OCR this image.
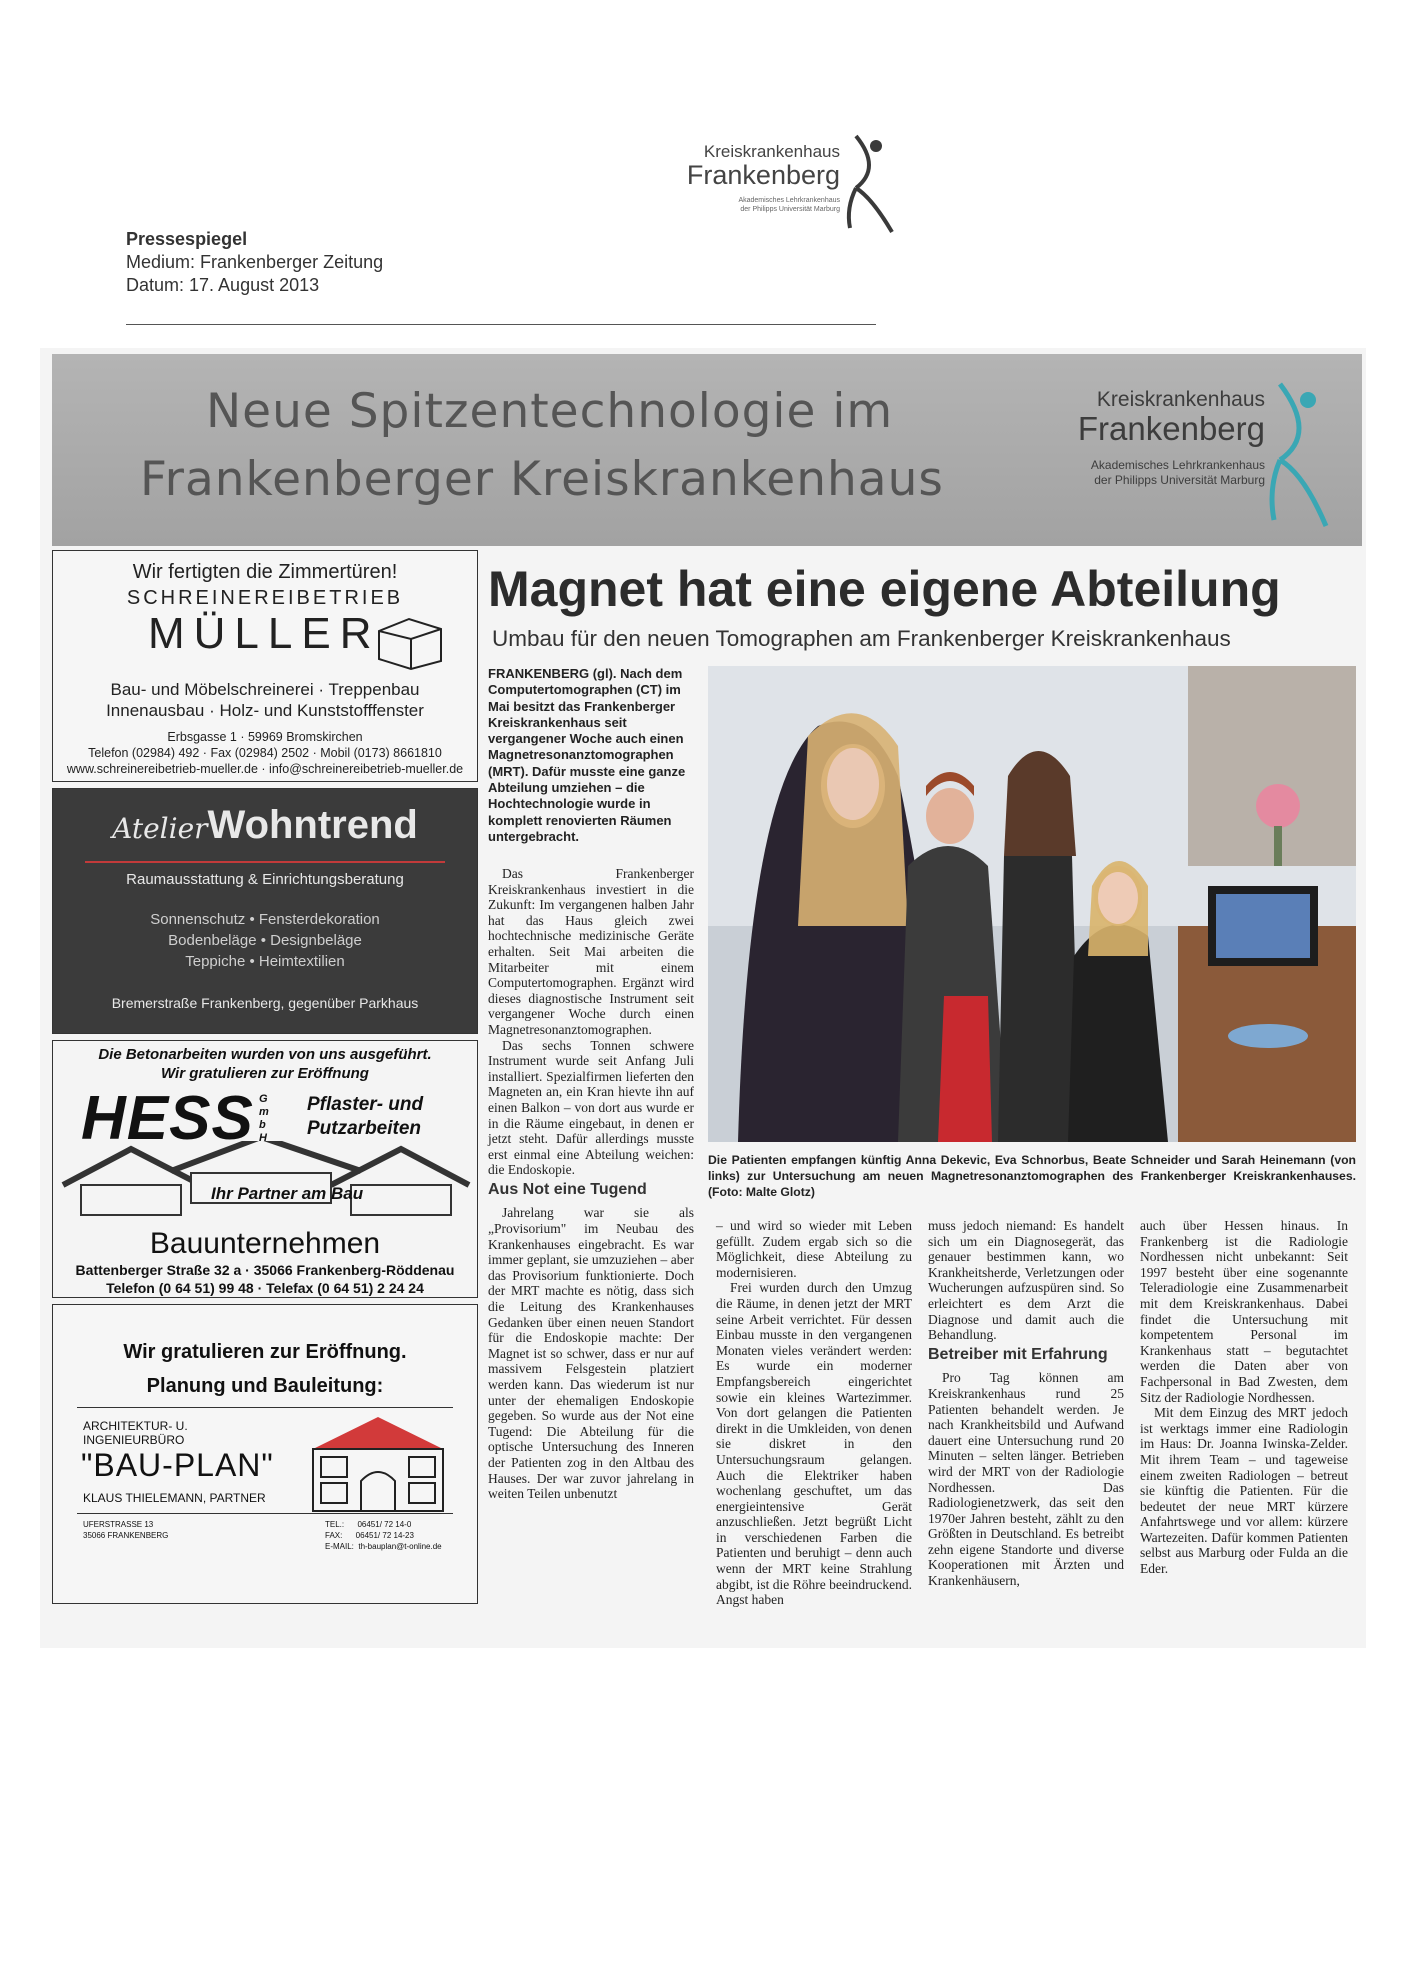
Kreiskrankenhaus
Frankenberg
Akademisches Lehrkrankenhaus
der Philipps Universität Marburg
Pressespiegel
Medium: Frankenberger Zeitung
Datum: 17. August 2013
Neue Spitzentechnologie im
Frankenberger Kreiskrankenhaus
Kreiskrankenhaus
Frankenberg
Akademisches Lehrkrankenhaus
der Philipps Universität Marburg
Wir fertigten die Zimmertüren!
SCHREINEREIBETRIEB
MÜLLER
Bau- und Möbelschreinerei · Treppenbau
Innenausbau · Holz- und Kunststofffenster
Erbsgasse 1 · 59969 Bromskirchen
Telefon (02984) 492 · Fax (02984) 2502 · Mobil (0173) 8661810
www.schreinereibetrieb-mueller.de · info@schreinereibetrieb-mueller.de
AtelierWohntrend
Raumausstattung & Einrichtungsberatung
Sonnenschutz • Fensterdekoration
Bodenbeläge • Designbeläge
Teppiche • Heimtextilien
Bremerstraße Frankenberg, gegenüber Parkhaus
Die Betonarbeiten wurden von uns ausgeführt.
Wir gratulieren zur Eröffnung
HESS GmbH
Pflaster- und
Putzarbeiten
Ihr Partner am Bau
Bauunternehmen
Battenberger Straße 32 a · 35066 Frankenberg-Röddenau
Telefon (0 64 51) 99 48 · Telefax (0 64 51) 2 24 24
Wir gratulieren zur Eröffnung.
Planung und Bauleitung:
ARCHITEKTUR- U.
INGENIEURBÜRO
"BAU-PLAN"
KLAUS THIELEMANN, PARTNER
UFERSTRASSE 13
35066 FRANKENBERG
TEL.:      06451/ 72 14-0
FAX:      06451/ 72 14-23
E-MAIL:  th-bauplan@t-online.de
Magnet hat eine eigene Abteilung
Umbau für den neuen Tomographen am Frankenberger Kreiskrankenhaus
FRANKENBERG (gl). Nach dem Computertomographen (CT) im Mai besitzt das Frankenberger Kreiskrankenhaus seit vergangener Woche auch einen Magnetresonanztomographen (MRT). Dafür musste eine ganze Abteilung umziehen – die Hochtechnologie wurde in komplett renovierten Räumen untergebracht.
Die Patienten empfangen künftig Anna Dekevic, Eva Schnorbus, Beate Schneider und Sarah Heinemann (von links) zur Untersuchung am neuen Magnetresonanztomographen des Frankenberger Kreiskrankenhauses. (Foto: Malte Glotz)

Das Frankenberger Kreiskrankenhaus investiert in die Zukunft: Im vergangenen halben Jahr hat das Haus gleich zwei hochtechnische medizinische Geräte erhalten. Seit Mai arbeiten die Mitarbeiter mit einem Computertomographen. Ergänzt wird dieses diagnostische Instrument seit vergangener Woche durch einen Magnetresonanztomographen.

Das sechs Tonnen schwere Instrument wurde seit Anfang Juli installiert. Spezialfirmen lieferten den Magneten an, ein Kran hievte ihn auf einen Balkon – von dort aus wurde er in die Räume eingebaut, in denen er jetzt steht. Dafür allerdings musste erst einmal eine Abteilung weichen: die Endoskopie.

Aus Not eine Tugend

Jahrelang war sie als „Provisorium" im Neubau des Krankenhauses eingebracht. Es war immer geplant, sie umzuziehen – aber das Provisorium funktionierte. Doch der MRT machte es nötig, dass sich die Leitung des Krankenhauses Gedanken über einen neuen Standort für die Endoskopie machte: Der Magnet ist so schwer, dass er nur auf massivem Felsgestein platziert werden kann. Das wiederum ist nur unter der ehemaligen Endoskopie gegeben. So wurde aus der Not eine Tugend: Die Abteilung für die optische Untersuchung des Inneren der Patienten zog in den Altbau des Hauses. Der war zuvor jahrelang in weiten Teilen unbenutzt

– und wird so wieder mit Leben gefüllt. Zudem ergab sich so die Möglichkeit, diese Abteilung zu modernisieren.

Frei wurden durch den Umzug die Räume, in denen jetzt der MRT seine Arbeit verrichtet. Für dessen Einbau musste in den vergangenen Monaten vieles verändert werden: Es wurde ein moderner Empfangsbereich eingerichtet sowie ein kleines Wartezimmer. Von dort gelangen die Patienten direkt in die Umkleiden, von denen sie diskret in den Untersuchungsraum gelangen. Auch die Elektriker haben wochenlang geschuftet, um das energieintensive Gerät anzuschließen. Jetzt begrüßt Licht in verschiedenen Farben die Patienten und beruhigt – denn auch wenn der MRT keine Strahlung abgibt, ist die Röhre beeindruckend. Angst haben

muss jedoch niemand: Es handelt sich um ein Diagnosegerät, das genauer bestimmen kann, wo Krankheitsherde, Verletzungen oder Wucherungen aufzuspüren sind. So erleichtert es dem Arzt die Diagnose und damit auch die Behandlung.

Betreiber mit Erfahrung

Pro Tag können am Kreiskrankenhaus rund 25 Patienten behandelt werden. Je nach Krankheitsbild und Aufwand dauert eine Untersuchung rund 20 Minuten – selten länger. Betrieben wird der MRT von der Radiologie Nordhessen. Das Radiologienetzwerk, das seit den 1970er Jahren besteht, zählt zu den Größten in Deutschland. Es betreibt zehn eigene Standorte und diverse Kooperationen mit Ärzten und Krankenhäusern,

auch über Hessen hinaus. In Frankenberg ist die Radiologie Nordhessen nicht unbekannt: Seit 1997 besteht über eine sogenannte Teleradiologie eine Zusammenarbeit mit dem Kreiskrankenhaus. Dabei findet die Untersuchung mit kompetentem Personal im Krankenhaus statt – begutachtet werden die Daten aber von Fachpersonal in Bad Zwesten, dem Sitz der Radiologie Nordhessen.

Mit dem Einzug des MRT jedoch ist werktags immer eine Radiologin im Haus: Dr. Joanna Iwinska-Zelder. Mit ihrem Team – und tageweise einem zweiten Radiologen – betreut sie künftig die Patienten. Für die bedeutet der neue MRT kürzere Anfahrtswege und vor allem: kürzere Wartezeiten. Dafür kommen Patienten selbst aus Marburg oder Fulda an die Eder.
